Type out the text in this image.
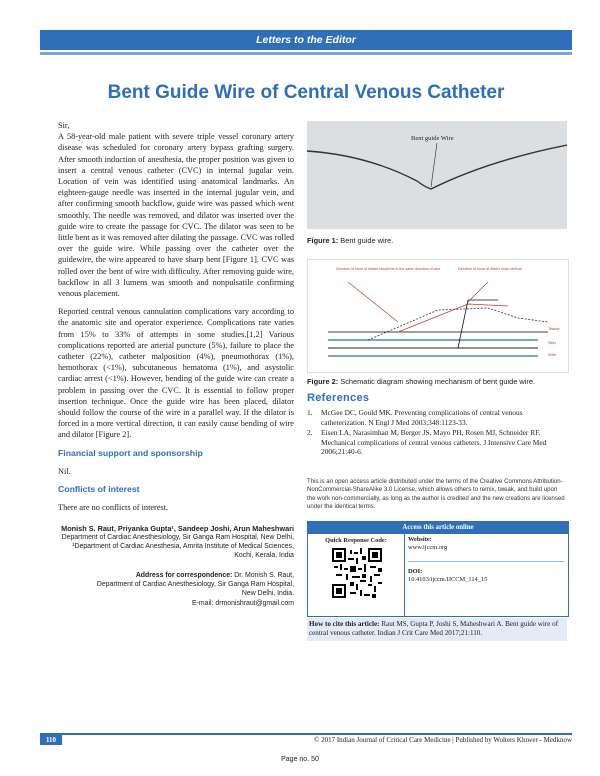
Letters to the Editor
Bent Guide Wire of Central Venous Catheter

Sir,

A 58-year-old male patient with severe triple vessel coronary artery disease was scheduled for coronary artery bypass grafting surgery. After smooth induction of anesthesia, the proper position was given to insert a central venous catheter (CVC) in internal jugular vein. Location of vein was identified using anatomical landmarks. An eighteen-gauge needle was inserted in the internal jugular vein, and after confirming smooth backflow, guide wire was passed which went smoothly. The needle was removed, and dilator was inserted over the guide wire to create the passage for CVC. The dilator was seen to be little bent as it was removed after dilating the passage. CVC was rolled over the guide wire. While passing over the catheter over the guidewire, the wire appeared to have sharp bent [Figure 1]. CVC was rolled over the bent of wire with difficulty. After removing guide wire, backflow in all 3 lumens was smooth and nonpulsatile confirming venous placement.

Reported central venous cannulation complications vary according to the anatomic site and operator experience. Complications rate varies from 15% to 33% of attempts in some studies.[1,2] Various complications reported are arterial puncture (5%), failure to place the catheter (22%), catheter malposition (4%), pneumothorax (1%), hemothorax (<1%), subcutaneous hematoma (1%), and asystolic cardiac arrest (<1%). However, bending of the guide wire can create a problem in passing over the CVC. It is essential to follow proper insertion technique. Once the guide wire has been placed, dilator should follow the course of the wire in a parallel way. If the dilator is forced in a more vertical direction, it can easily cause bending of wire and dilator [Figure 2].

Financial support and sponsorship

Nil.

Conflicts of interest

There are no conflicts of interest.

Monish S. Raut, Priyanka Gupta¹, Sandeep Joshi, Arun Maheshwari
Department of Cardiac Anesthesiology, Sir Ganga Ram Hospital, New Delhi,
¹Department of Cardiac Anesthesia, Amrita Institute of Medical Sciences,
Kochi, Kerala, India
Address for correspondence: Dr. Monish S. Raut,
Department of Cardiac Anesthesiology, Sir Ganga Ram Hospital,
New Delhi, India.
E-mail: drmonishraut@gmail.com
Bent guide Wire
Figure 1: Bent guide wire.
Direction of force of dilator should be in the same direction of wire	Direction of force of dilator more vertical
Tissue
Skin
Wire
Figure 2: Schematic diagram showing mechanism of bent guide wire.
References
1.	McGee DC, Gould MK. Preventing complications of central venous catheterization. N Engl J Med 2003;348:1123-33.
2.	Eisen LA, Narasimhan M, Berger JS, Mayo PH, Rosen MJ, Schneider RF. Mechanical complications of central venous catheters. J Intensive Care Med 2006;21:40-6.
This is an open access article distributed under the terms of the Creative Commons Attribution-NonCommercial-ShareAlike 3.0 License, which allows others to remix, tweak, and build upon the work non-commercially, as long as the author is credited and the new creations are licensed under the identical terms.
Access this article online
Quick Response Code:	Website:
www.ijccm.org
DOI:
10.4103/ijccm.IJCCM_114_15
How to cite this article: Raut MS, Gupta P, Joshi S, Maheshwari A. Bent guide wire of central venous catheter. Indian J Crit Care Med 2017;21:110.
110	© 2017 Indian Journal of Critical Care Medicine | Published by Wolters Kluwer - Medknow
Page no. 50
